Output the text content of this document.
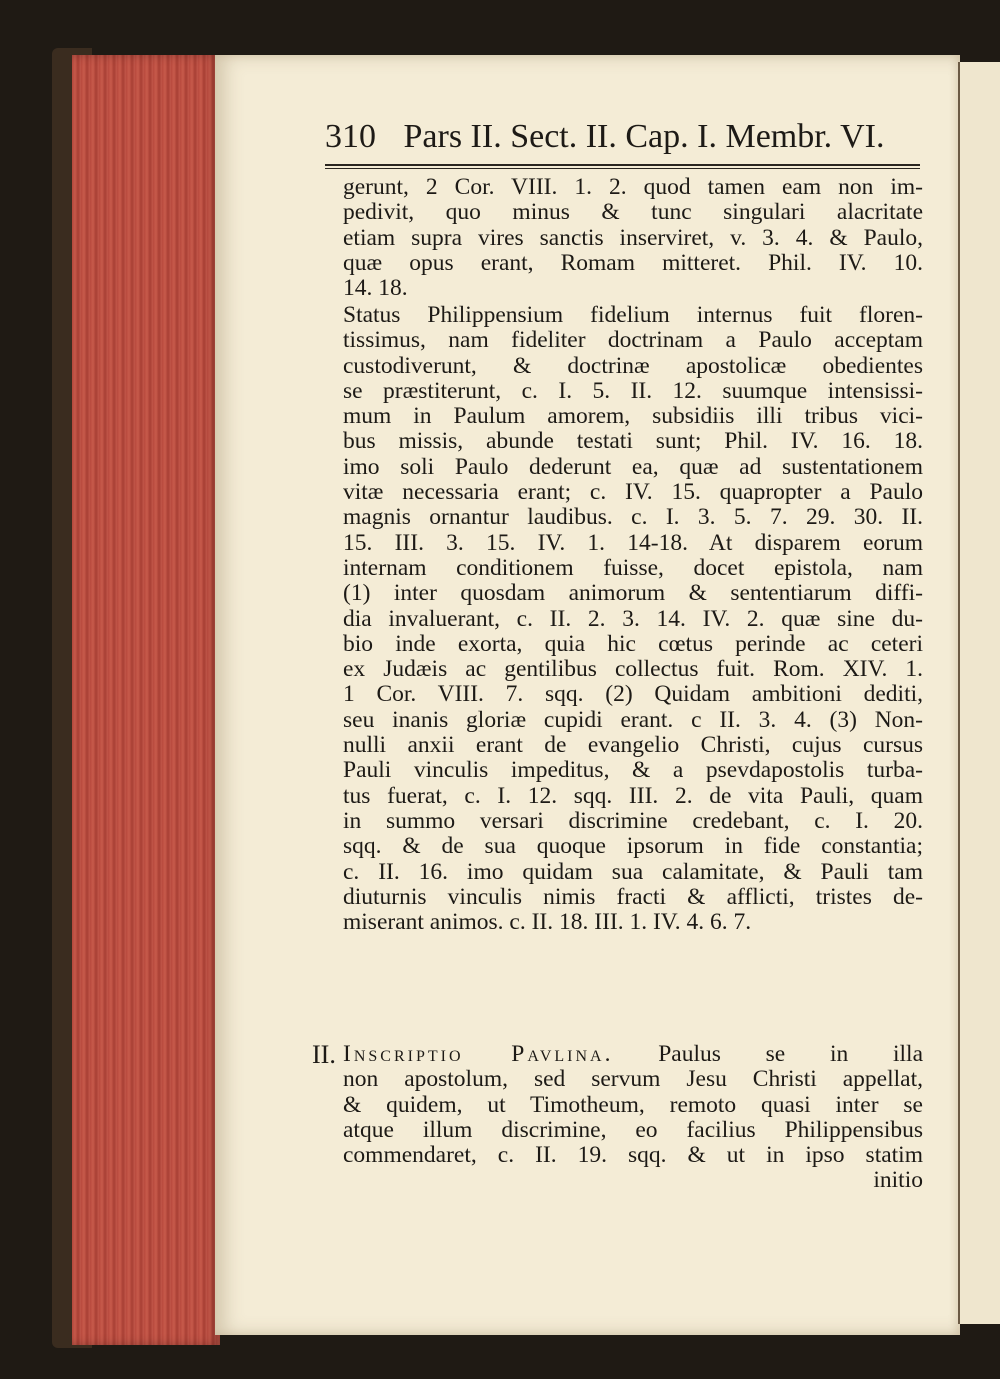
310 Pars II. Sect. II. Cap. I. Membr. VI.
gerunt, 2 Cor. VIII. 1. 2. quod tamen eam non im-
pedivit, quo minus & tunc singulari alacritate
etiam supra vires sanctis inserviret, v. 3. 4. & Paulo,
quæ opus erant, Romam mitteret. Phil. IV. 10.
14. 18.
Status Philippensium fidelium internus fuit floren-
tissimus, nam fideliter doctrinam a Paulo acceptam
custodiverunt, & doctrinæ apostolicæ obedientes
se præstiterunt, c. I. 5. II. 12. suumque intensissi-
mum in Paulum amorem, subsidiis illi tribus vici-
bus missis, abunde testati sunt; Phil. IV. 16. 18.
imo soli Paulo dederunt ea, quæ ad sustentationem
vitæ necessaria erant; c. IV. 15. quapropter a Paulo
magnis ornantur laudibus. c. I. 3. 5. 7. 29. 30. II.
15. III. 3. 15. IV. 1. 14-18. At disparem eorum
internam conditionem fuisse, docet epistola, nam
(1) inter quosdam animorum & sententiarum diffi-
dia invaluerant, c. II. 2. 3. 14. IV. 2. quæ sine du-
bio inde exorta, quia hic cœtus perinde ac ceteri
ex Judæis ac gentilibus collectus fuit. Rom. XIV. 1.
1 Cor. VIII. 7. sqq. (2) Quidam ambitioni dediti,
seu inanis gloriæ cupidi erant. c II. 3. 4. (3) Non-
nulli anxii erant de evangelio Christi, cujus cursus
Pauli vinculis impeditus, & a psevdapostolis turba-
tus fuerat, c. I. 12. sqq. III. 2. de vita Pauli, quam
in summo versari discrimine credebant, c. I. 20.
sqq. & de sua quoque ipsorum in fide constantia;
c. II. 16. imo quidam sua calamitate, & Pauli tam
diuturnis vinculis nimis fracti & afflicti, tristes de-
miserant animos. c. II. 18. III. 1. IV. 4. 6. 7.
II. Inscriptio Pavlina. Paulus se in illa
non apostolum, sed servum Jesu Christi appellat,
& quidem, ut Timotheum, remoto quasi inter se
atque illum discrimine, eo facilius Philippensibus
commendaret, c. II. 19. sqq. & ut in ipso statim
initio
